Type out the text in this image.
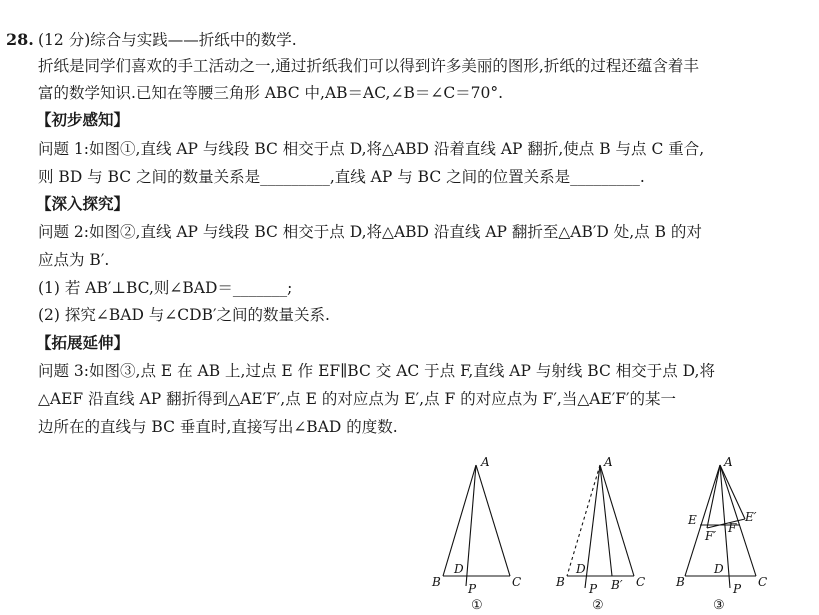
28. (12 分)综合与实践——折纸中的数学.
折纸是同学们喜欢的手工活动之一,通过折纸我们可以得到许多美丽的图形,折纸的过程还蕴含着丰
富的数学知识.已知在等腰三角形 ABC 中,AB＝AC,∠B＝∠C＝70°.
【初步感知】
问题 1:如图①,直线 AP 与线段 BC 相交于点 D,将△ABD 沿着直线 AP 翻折,使点 B 与点 C 重合,
则 BD 与 BC 之间的数量关系是_________,直线 AP 与 BC 之间的位置关系是_________.
【深入探究】
问题 2:如图②,直线 AP 与线段 BC 相交于点 D,将△ABD 沿直线 AP 翻折至△AB′D 处,点 B 的对
应点为 B′.
(1) 若 AB′⊥BC,则∠BAD＝_______;
(2) 探究∠BAD 与∠CDB′之间的数量关系.
【拓展延伸】
问题 3:如图③,点 E 在 AB 上,过点 E 作 EF∥BC 交 AC 于点 F,直线 AP 与射线 BC 相交于点 D,将
△AEF 沿直线 AP 翻折得到△AE′F′,点 E 的对应点为 E′,点 F 的对应点为 F′,当△AE′F′的某一
边所在的直线与 BC 垂直时,直接写出∠BAD 的度数.
A
B	C
D
P
①
A
B	C
D
P B′
②
A
B	C
D
P
E
F
E′
F′
③
